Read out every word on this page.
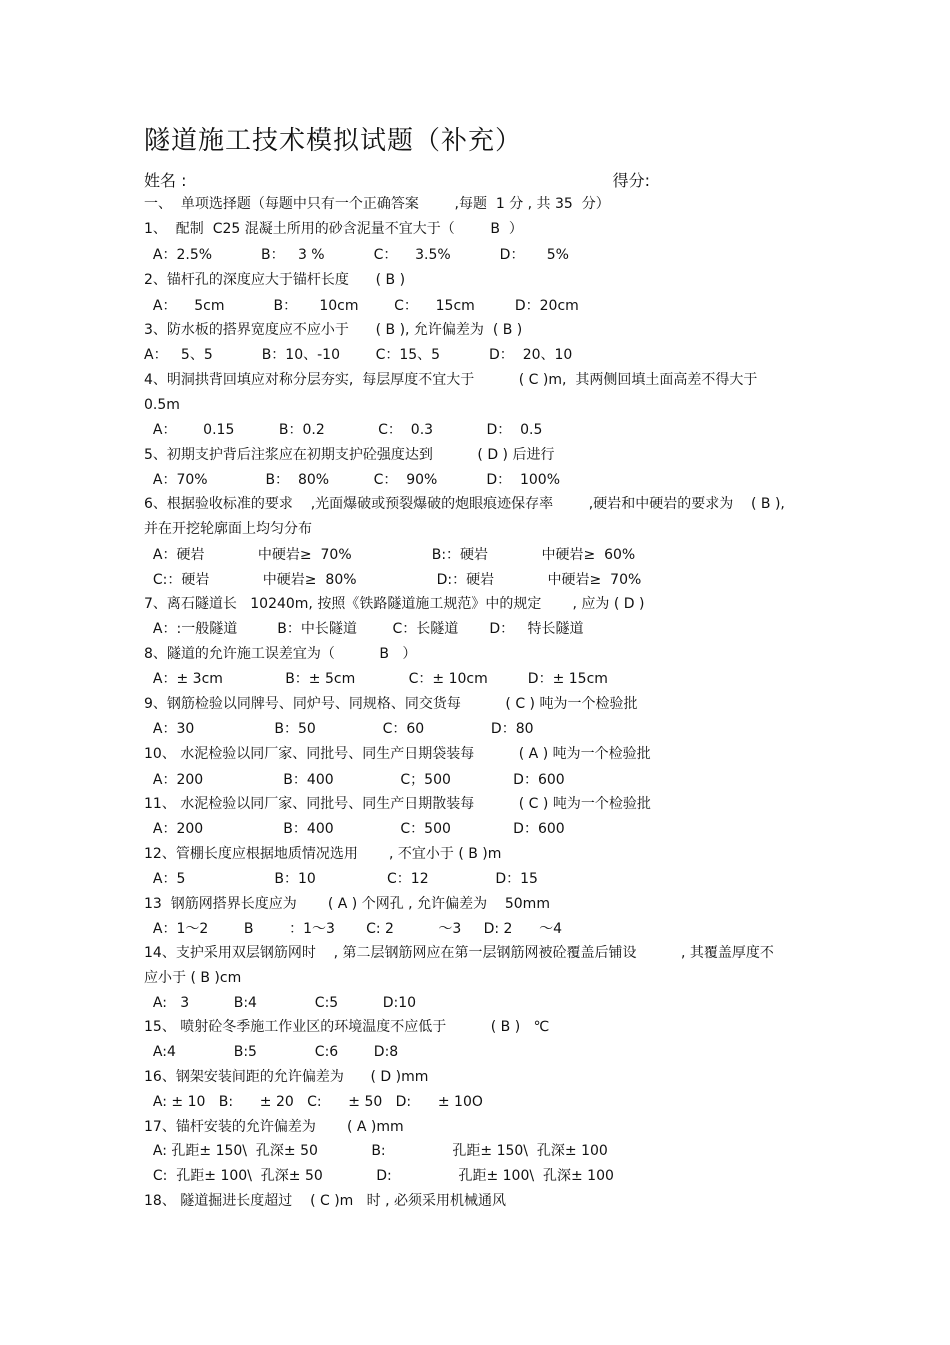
隧道施工技术模拟试题（补充）
姓名 :	得分:
一、  单项选择题（每题中只有一个正确答案        ,每题  1 分 , 共 35  分）
1、  配制  C25 混凝土所用的砂含泥量不宜大于（        B  ）
A：2.5%           B：   3 %           C：    3.5%           D：     5%
2、锚杆孔的深度应大于锚杆长度      ( B )
A：    5cm           B：     10cm        C：    15cm         D：20cm
3、防水板的搭界宽度应不应小于      ( B ), 允许偏差为  ( B )
A：   5、5           B：10、-10        C：15、5           D：  20、10
4、明洞拱背回填应对称分层夯实,  每层厚度不宜大于          ( C )m,  其两侧回填土面高差不得大于
0.5m
A：      0.15          B：0.2            C：  0.3            D：  0.5
5、初期支护背后注浆应在初期支护砼强度达到          ( D ) 后进行
A：70%             B：  80%          C：  90%           D：  100%
6、根据验收标准的要求    ,光面爆破或预裂爆破的炮眼痕迹保存率        ,硬岩和中硬岩的要求为    ( B ),
并在开挖轮廓面上均匀分布
A：硬岩            中硬岩≥  70%                  B:：硬岩            中硬岩≥  60%
C:：硬岩            中硬岩≥  80%                  D:：硬岩            中硬岩≥  70%
7、离石隧道长   10240m, 按照《铁路隧道施工规范》中的规定       , 应为 ( D )
A：:一般隧道         B：中长隧道        C：长隧道       D：   特长隧道
8、隧道的允许施工误差宜为（          B   ）
A：± 3cm              B：± 5cm            C：± 10cm         D：± 15cm
9、钢筋检验以同牌号、同炉号、同规格、同交货每          ( C ) 吨为一个检验批
A：30                  B：50               C：60               D：80
10、 水泥检验以同厂家、同批号、同生产日期袋装每          ( A ) 吨为一个检验批
A：200                  B：400               C；500              D：600
11、 水泥检验以同厂家、同批号、同生产日期散装每          ( C ) 吨为一个检验批
A：200                  B：400               C：500              D：600
12、管棚长度应根据地质情况选用       , 不宜小于 ( B )m
A：5                    B：10                C：12               D：15
13  钢筋网搭界长度应为       ( A ) 个网孔 , 允许偏差为    50mm
A：1～2        B        ：1～3       C: 2          ～3     D: 2      ～4
14、支护采用双层钢筋网时    , 第二层钢筋网应在第一层钢筋网被砼覆盖后铺设          , 其覆盖厚度不
应小于 ( B )cm
A:   3          B:4             C:5          D:10
15、 喷射砼冬季施工作业区的环境温度不应低于          ( B )   ℃
A:4             B:5             C:6        D:8
16、钢架安装间距的允许偏差为      ( D )mm
A: ± 10   B:      ± 20   C:      ± 50   D:      ± 10O
17、锚杆安装的允许偏差为       ( A )mm
A: 孔距± 150\  孔深± 50            B:               孔距± 150\  孔深± 100
C:  孔距± 100\  孔深± 50            D:               孔距± 100\  孔深± 100
18、 隧道掘进长度超过    ( C )m   时 , 必须采用机械通风
